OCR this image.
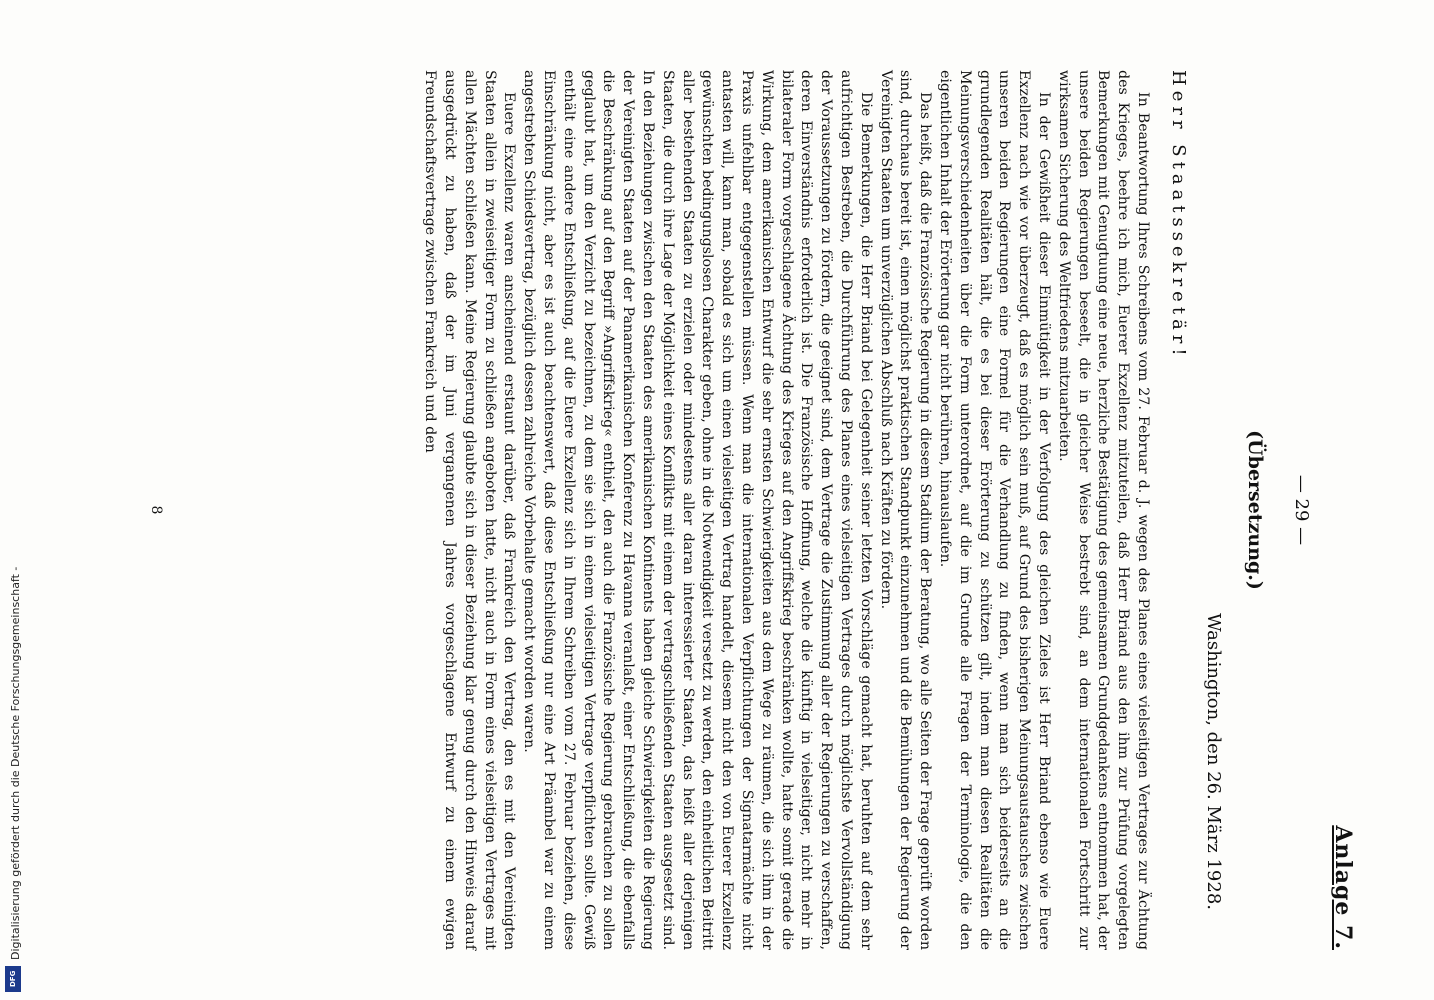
Anlage 7.
— 29 —
(Übersetzung.)
Washington, den 26. März 1928.
Herr Staatssekretär!

In Beantwortung Ihres Schreibens vom 27. Februar d. J. wegen des Planes eines vielseitigen Vertrages zur Ächtung des Krieges, beehre ich mich, Euerer Exzellenz mitzuteilen, daß Herr Briand aus den ihm zur Prüfung vorgelegten Bemerkungen mit Genugtuung eine neue, herzliche Bestätigung des gemeinsamen Grundgedankens entnommen hat, der unsere beiden Regierungen beseelt, die in gleicher Weise bestrebt sind, an dem internationalen Fortschritt zur wirksamen Sicherung des Weltfriedens mitzuarbeiten.

In der Gewißheit dieser Einmütigkeit in der Verfolgung des gleichen Zieles ist Herr Briand ebenso wie Euere Exzellenz nach wie vor überzeugt, daß es möglich sein muß, auf Grund des bisherigen Meinungsaustausches zwischen unseren beiden Regierungen eine Formel für die Verhandlung zu finden, wenn man sich beiderseits an die grundlegenden Realitäten hält, die es bei dieser Erörterung zu schützen gilt, indem man diesen Realitäten die Meinungsverschiedenheiten über die Form unterordnet, auf die im Grunde alle Fragen der Terminologie, die den eigentlichen Inhalt der Erörterung gar nicht berühren, hinauslaufen.

Das heißt, daß die Französische Regierung in diesem Stadium der Beratung, wo alle Seiten der Frage geprüft worden sind, durchaus bereit ist, einen möglichst praktischen Standpunkt einzunehmen und die Bemühungen der Regierung der Vereinigten Staaten um unverzüglichen Abschluß nach Kräften zu fördern.

Die Bemerkungen, die Herr Briand bei Gelegenheit seiner letzten Vorschläge gemacht hat, beruhten auf dem sehr aufrichtigen Bestreben, die Durchführung des Planes eines vielseitigen Vertrages durch möglichste Vervollständigung der Voraussetzungen zu fördern, die geeignet sind, dem Vertrage die Zustimmung aller der Regierungen zu verschaffen, deren Einverständnis erforderlich ist. Die Französische Hoffnung, welche die künftig in vielseitiger, nicht mehr in bilateraler Form vorgeschlagene Ächtung des Krieges auf den Angriffskrieg beschränken wollte, hatte somit gerade die Wirkung, dem amerikanischen Entwurf die sehr ernsten Schwierigkeiten aus dem Wege zu räumen, die sich ihm in der Praxis unfehlbar entgegenstellen müssen. Wenn man die internationalen Verpflichtungen der Signatarmächte nicht antasten will, kann man, sobald es sich um einen vielseitigen Vertrag handelt, diesem nicht den von Euerer Exzellenz gewünschten bedingungslosen Charakter geben, ohne in die Notwendigkeit versetzt zu werden, den einheitlichen Beitritt aller bestehenden Staaten zu erzielen oder mindestens aller daran interessierter Staaten, das heißt aller derjenigen Staaten, die durch ihre Lage der Möglichkeit eines Konflikts mit einem der vertragschließenden Staaten ausgesetzt sind. In den Beziehungen zwischen den Staaten des amerikanischen Kontinents haben gleiche Schwierigkeiten die Regierung der Vereinigten Staaten auf der Panamerikanischen Konferenz zu Havanna veranlaßt, einer Entschließung, die ebenfalls die Beschränkung auf den Begriff »Angriffskrieg« enthielt, den auch die Französische Regierung gebrauchen zu sollen geglaubt hat, um den Verzicht zu bezeichnen, zu dem sie sich in einem vielseitigen Vertrage verpflichten sollte. Gewiß enthält eine andere Entschließung, auf die Euere Exzellenz sich in Ihrem Schreiben vom 27. Februar beziehen, diese Einschränkung nicht, aber es ist auch beachtenswert, daß diese Entschließung nur eine Art Präambel war zu einem angestrebten Schiedsvertrag, bezüglich dessen zahlreiche Vorbehalte gemacht worden waren.

Euere Exzellenz waren anscheinend erstaunt darüber, daß Frankreich den Vertrag, den es mit den Vereinigten Staaten allein in zweiseitiger Form zu schließen angeboten hatte, nicht auch in Form eines vielseitigen Vertrages mit allen Mächten schließen kann. Meine Regierung glaubte sich in dieser Beziehung klar genug durch den Hinweis darauf ausgedrückt zu haben, daß der im Juni vergangenen Jahres vorgeschlagene Entwurf zu einem ewigen Freundschaftsvertrage zwischen Frankreich und den

8
Digitalisierung gefördert durch die Deutsche Forschungsgemeinschaft -
DFG
